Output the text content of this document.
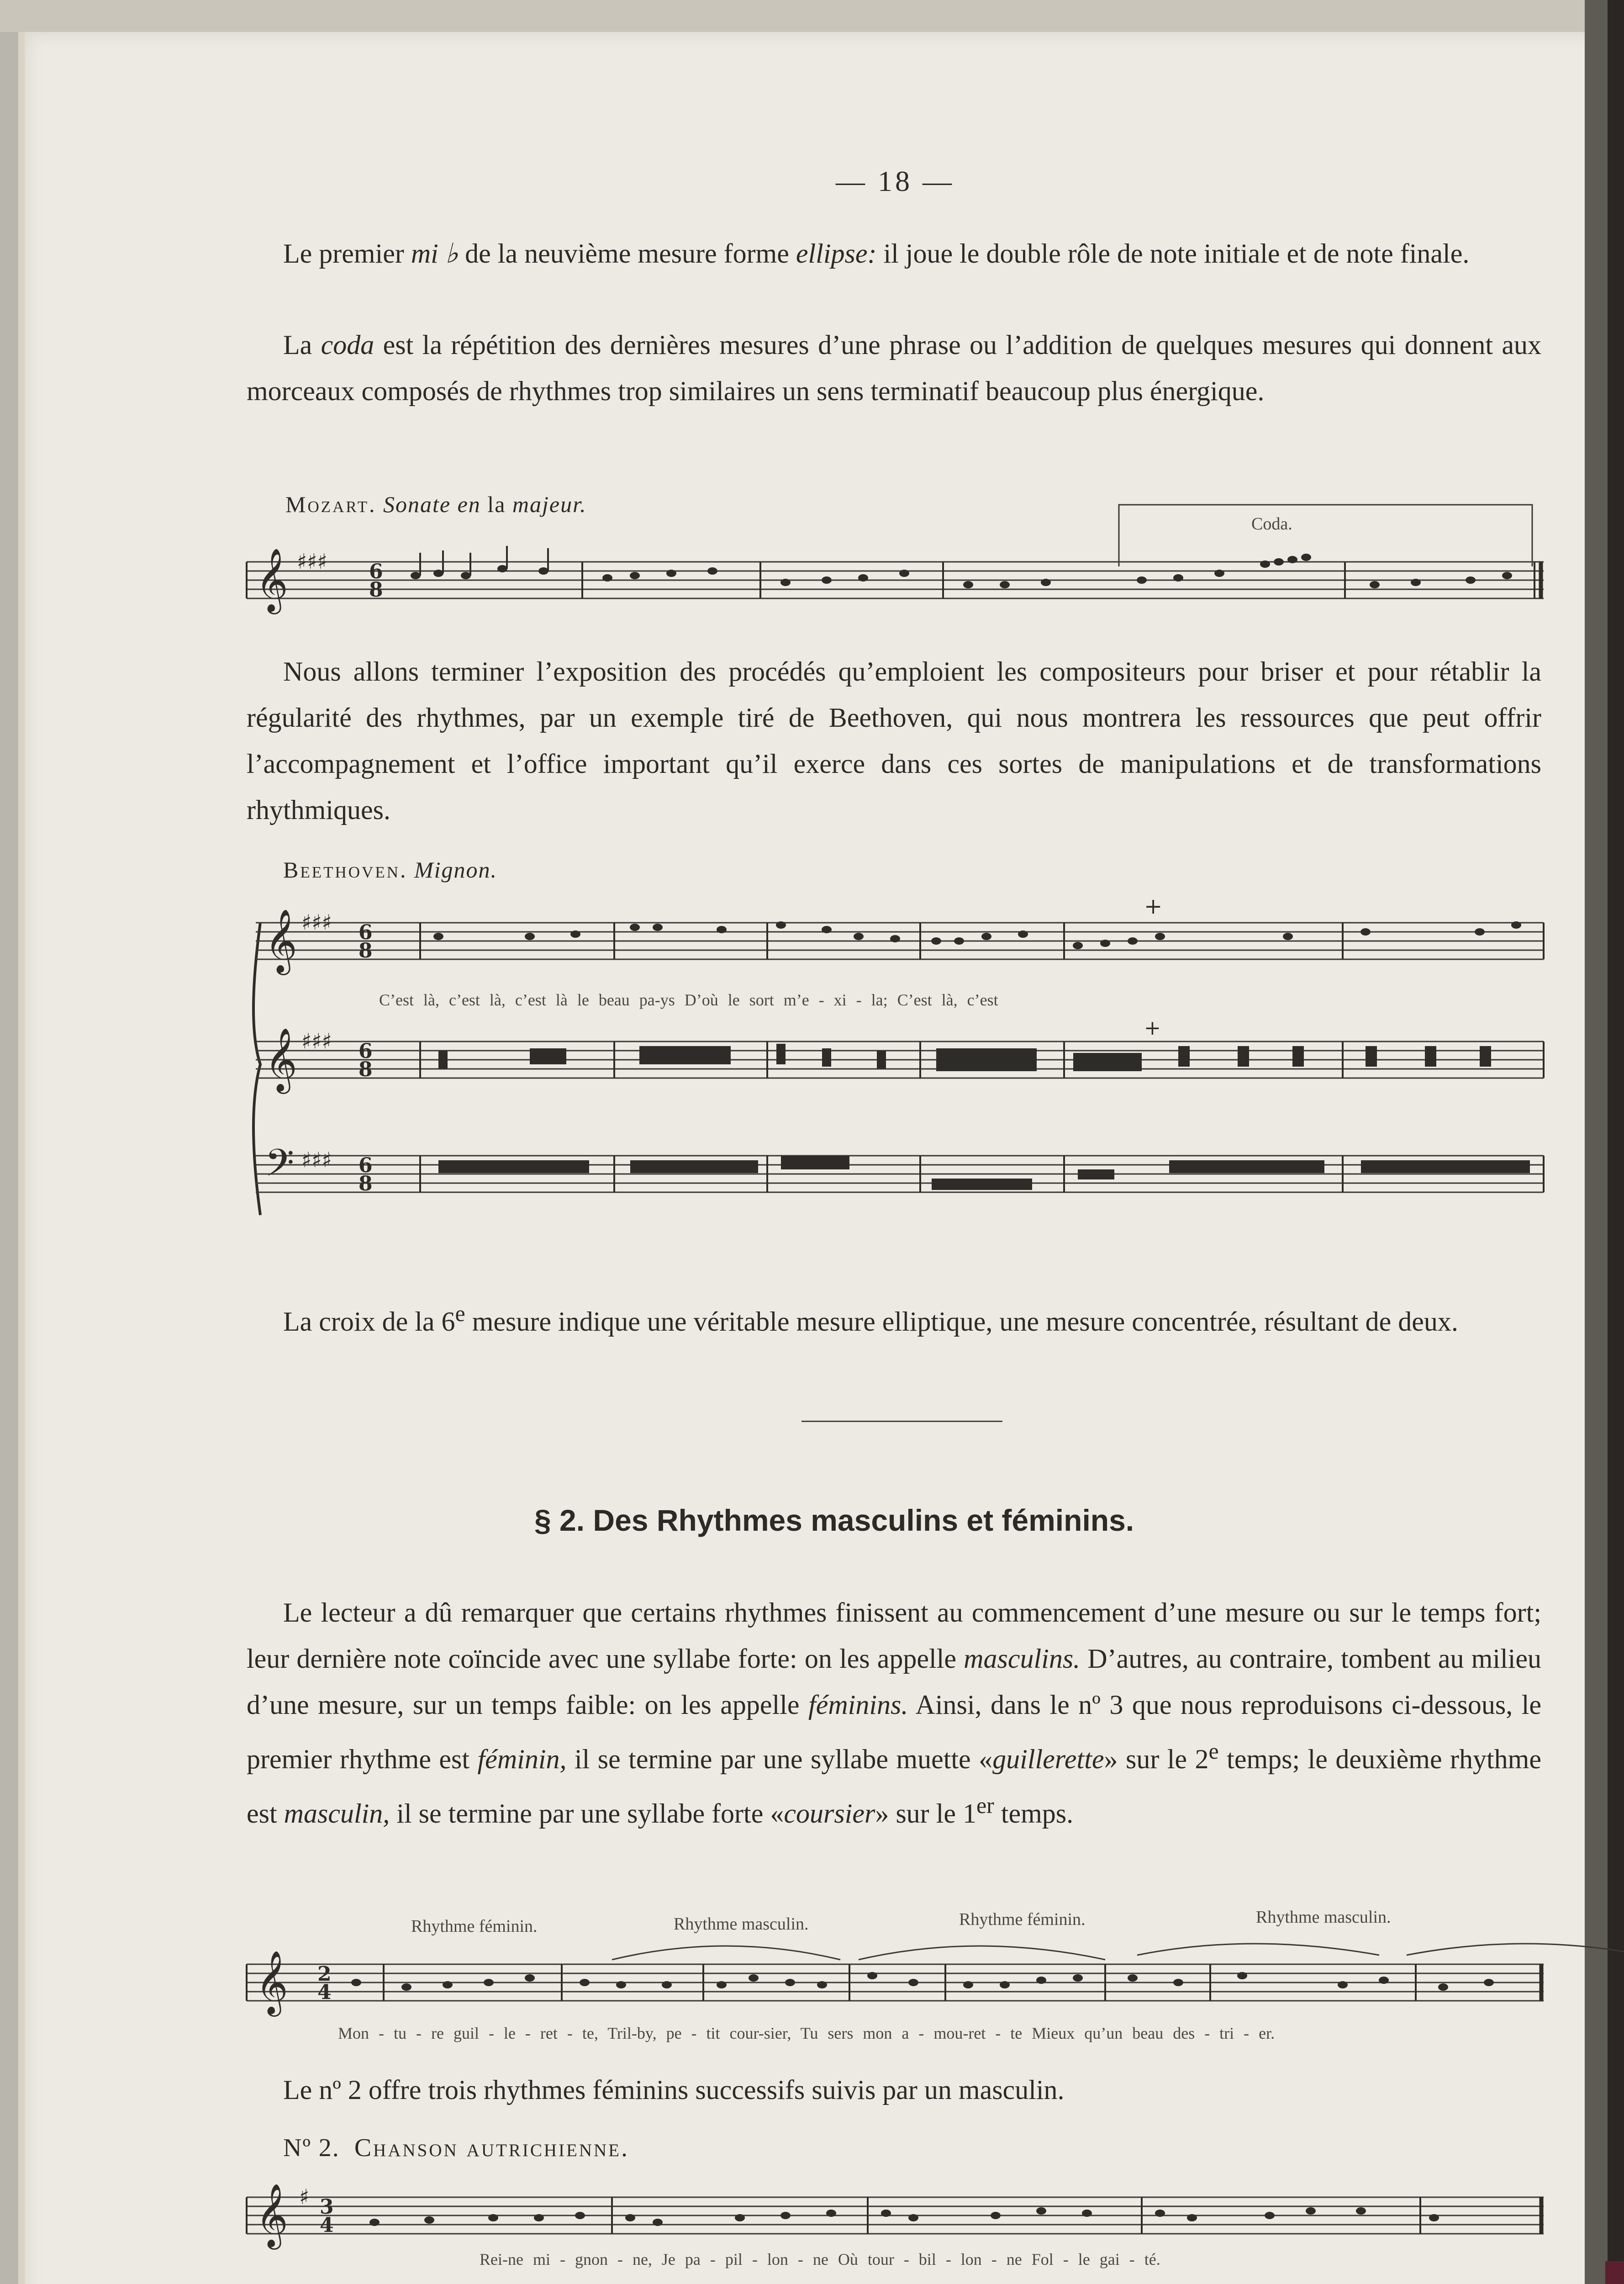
— 18 —

Le premier mi ♭ de la neuvième mesure forme ellipse: il joue le double rôle de note initiale et de note finale.

La coda est la répétition des dernières mesures d’une phrase ou l’addition de quelques mesures qui donnent aux morceaux composés de rhythmes trop similaires un sens terminatif beaucoup plus énergique.

Mozart. Sonate en la majeur.
Coda.
𝄞 ♯♯♯ 6
8

Nous allons terminer l’exposition des procédés qu’emploient les compositeurs pour briser et pour rétablir la régularité des rhythmes, par un exemple tiré de Beethoven, qui nous montrera les ressources que peut offrir l’accompagnement et l’office important qu’il exerce dans ces sortes de manipulations et de transformations rhythmiques.

Beethoven. Mignon.
𝄞 ♯♯♯ 6
8
+
𝄞 ♯♯♯ 6
8
+
𝄢 ♯♯♯ 6
8
C’est là, c’est là, c’est là le beau pa-ys D’où le sort m’e - xi - la; C’est là, c’est

La croix de la 6e mesure indique une véritable mesure elliptique, une mesure concentrée, résultant de deux.

§ 2. Des Rhythmes masculins et féminins.

Le lecteur a dû remarquer que certains rhythmes finissent au commencement d’une mesure ou sur le temps fort; leur dernière note coïncide avec une syllabe forte: on les appelle masculins. D’autres, au contraire, tombent au milieu d’une mesure, sur un temps faible: on les appelle féminins. Ainsi, dans le nº 3 que nous reproduisons ci-dessous, le premier rhythme est féminin, il se termine par une syllabe muette «guillerette» sur le 2e temps; le deuxième rhythme est masculin, il se termine par une syllabe forte «coursier» sur le 1er temps.

Rhythme féminin.	Rhythme masculin.	Rhythme féminin.	Rhythme masculin.
𝄞 2
4
Mon - tu - re guil - le - ret - te, Tril-by, pe - tit cour-sier, Tu sers mon a - mou-ret - te Mieux qu’un beau des - tri - er.

Le nº 2 offre trois rhythmes féminins successifs suivis par un masculin.

Nº 2. Chanson autrichienne.
𝄞 ♯ 3
4
Rei-ne mi - gnon - ne, Je pa - pil - lon - ne Où tour - bil - lon - ne Fol - le gai - té.
